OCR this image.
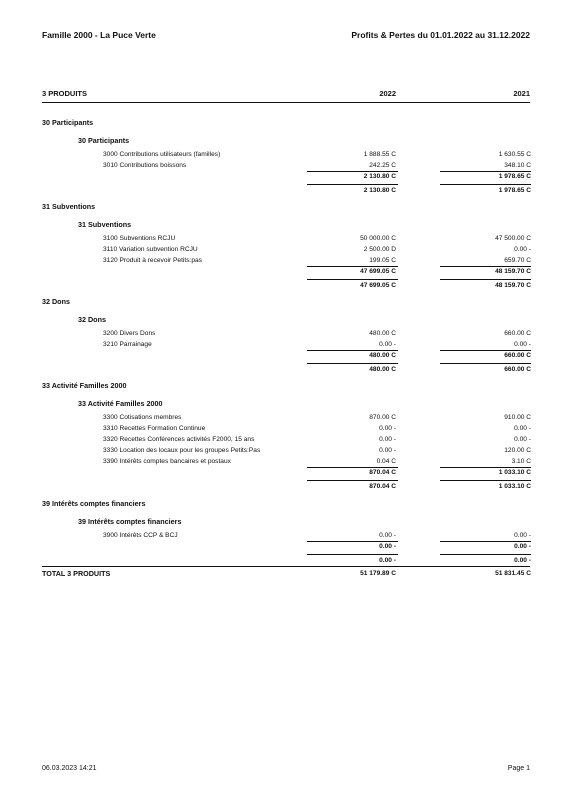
Famille 2000 - La Puce Verte	Profits & Pertes du 01.01.2022 au 31.12.2022
3 PRODUITS	2022	2021
30 Participants
30 Participants
3000 Contributions utilisateurs (familles)	1 888.55 C	1 630.55 C
3010 Contributions boissons	242.25 C	348.10 C
2 130.80 C	1 978.65 C
2 130.80 C	1 978.65 C
31 Subventions
31 Subventions
3100 Subventions RCJU	50 000.00 C	47 500.00 C
3110 Variation subvention RCJU	2 500.00 D	0.00 -
3120 Produit à recevoir Petits:pas	199.05 C	659.70 C
47 699.05 C	48 159.70 C
47 699.05 C	48 159.70 C
32 Dons
32 Dons
3200 Divers Dons	480.00 C	660.00 C
3210 Parrainage	0.00 -	0.00 -
480.00 C	660.00 C
480.00 C	660.00 C
33 Activité Familles 2000
33 Activité Familles 2000
3300 Cotisations membres	870.00 C	910.00 C
3310 Recettes Formation Continue	0.00 -	0.00 -
3320 Recettes Conférences activités F2000, 15 ans	0.00 -	0.00 -
3330 Location des locaux pour les groupes Petits:Pas	0.00 -	120.00 C
3390 Intérêts comptes bancaires et postaux	0.04 C	3.10 C
870.04 C	1 033.10 C
870.04 C	1 033.10 C
39 Intérêts comptes financiers
39 Intérêts comptes financiers
3900 Intérêts CCP & BCJ	0.00 -	0.00 -
0.00 -	0.00 -
0.00 -	0.00 -
TOTAL 3 PRODUITS	51 179.89 C	51 831.45 C
06.03.2023 14:21	Page 1
